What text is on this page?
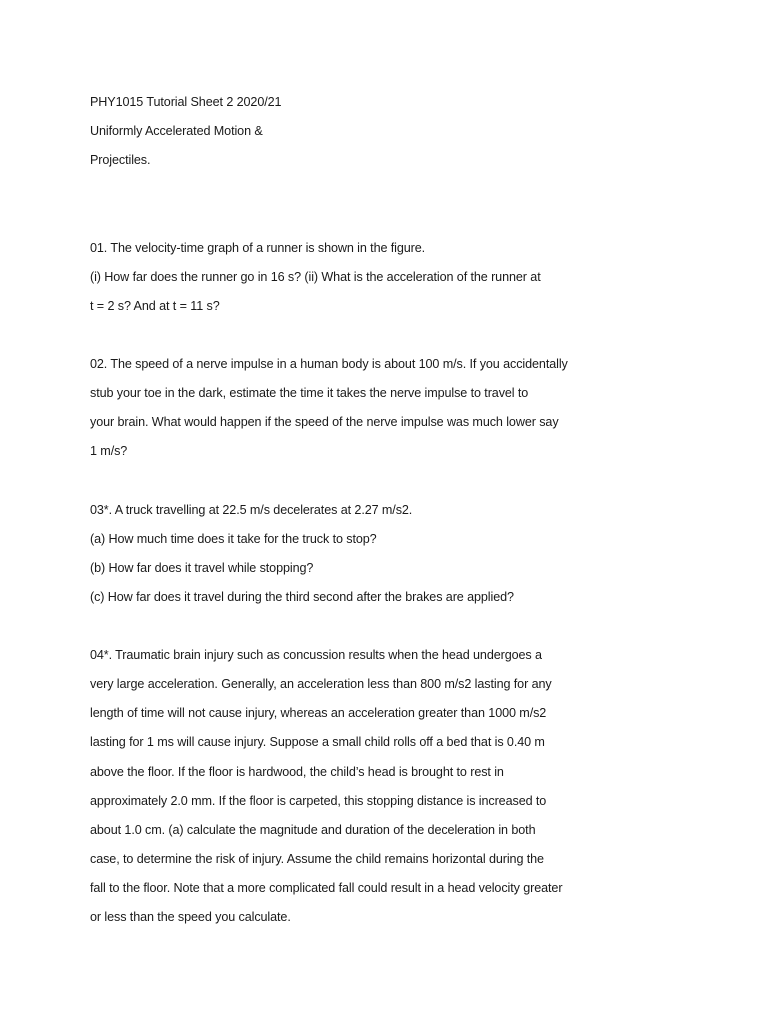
PHY1015 Tutorial Sheet 2 2020/21
Uniformly Accelerated Motion &
Projectiles.
01. The velocity-time graph of a runner is shown in the figure.
(i) How far does the runner go in 16 s? (ii) What is the acceleration of the runner at
t = 2 s? And at t = 11 s?
02. The speed of a nerve impulse in a human body is about 100 m/s. If you accidentally
stub your toe in the dark, estimate the time it takes the nerve impulse to travel to
your brain. What would happen if the speed of the nerve impulse was much lower say
1 m/s?
03*. A truck travelling at 22.5 m/s decelerates at 2.27 m/s2.
(a) How much time does it take for the truck to stop?
(b) How far does it travel while stopping?
(c) How far does it travel during the third second after the brakes are applied?
04*. Traumatic brain injury such as concussion results when the head undergoes a
very large acceleration. Generally, an acceleration less than 800 m/s2 lasting for any
length of time will not cause injury, whereas an acceleration greater than 1000 m/s2
lasting for 1 ms will cause injury. Suppose a small child rolls off a bed that is 0.40 m
above the floor. If the floor is hardwood, the child’s head is brought to rest in
approximately 2.0 mm. If the floor is carpeted, this stopping distance is increased to
about 1.0 cm. (a) calculate the magnitude and duration of the deceleration in both
case, to determine the risk of injury. Assume the child remains horizontal during the
fall to the floor. Note that a more complicated fall could result in a head velocity greater
or less than the speed you calculate.
